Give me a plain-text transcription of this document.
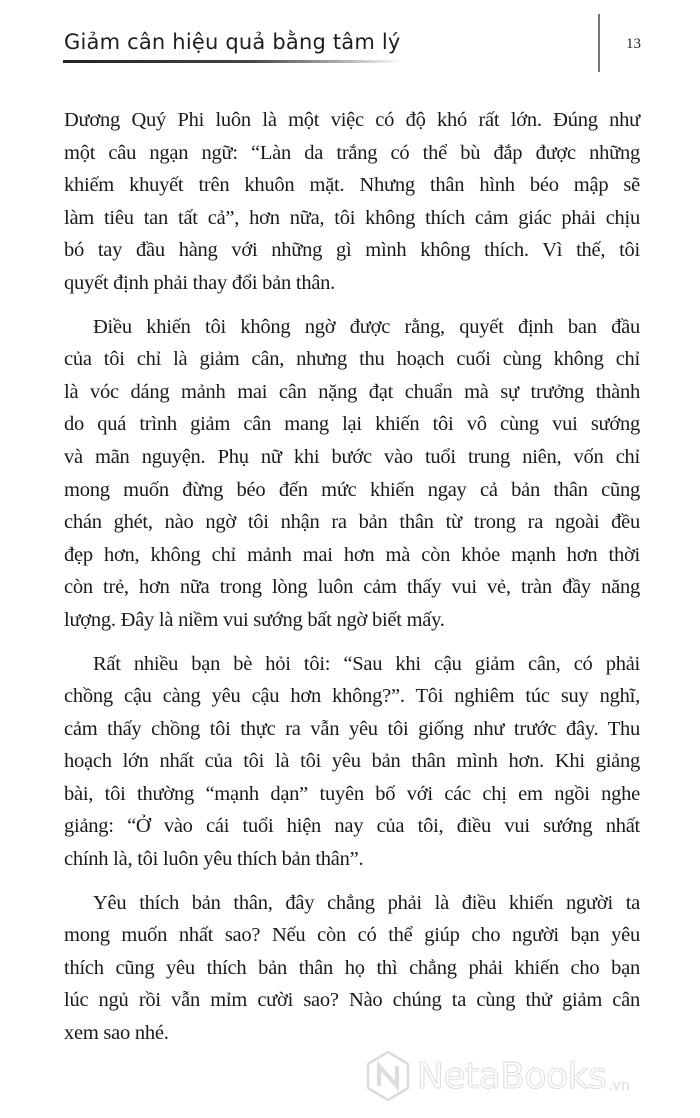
Giảm cân hiệu quả bằng tâm lý	13
Dương Quý Phi luôn là một việc có độ khó rất lớn. Đúng như
một câu ngạn ngữ: “Làn da trắng có thể bù đắp được những
khiếm khuyết trên khuôn mặt. Nhưng thân hình béo mập sẽ
làm tiêu tan tất cả”, hơn nữa, tôi không thích cảm giác phải chịu
bó tay đầu hàng với những gì mình không thích. Vì thế, tôi
quyết định phải thay đổi bản thân.
Điều khiến tôi không ngờ được rằng, quyết định ban đầu
của tôi chỉ là giảm cân, nhưng thu hoạch cuối cùng không chỉ
là vóc dáng mảnh mai cân nặng đạt chuẩn mà sự trưởng thành
do quá trình giảm cân mang lại khiến tôi vô cùng vui sướng
và mãn nguyện. Phụ nữ khi bước vào tuổi trung niên, vốn chỉ
mong muốn đừng béo đến mức khiến ngay cả bản thân cũng
chán ghét, nào ngờ tôi nhận ra bản thân từ trong ra ngoài đều
đẹp hơn, không chỉ mảnh mai hơn mà còn khỏe mạnh hơn thời
còn trẻ, hơn nữa trong lòng luôn cảm thấy vui vẻ, tràn đầy năng
lượng. Đây là niềm vui sướng bất ngờ biết mấy.
Rất nhiều bạn bè hỏi tôi: “Sau khi cậu giảm cân, có phải
chồng cậu càng yêu cậu hơn không?”. Tôi nghiêm túc suy nghĩ,
cảm thấy chồng tôi thực ra vẫn yêu tôi giống như trước đây. Thu
hoạch lớn nhất của tôi là tôi yêu bản thân mình hơn. Khi giảng
bài, tôi thường “mạnh dạn” tuyên bố với các chị em ngồi nghe
giảng: “Ở vào cái tuổi hiện nay của tôi, điều vui sướng nhất
chính là, tôi luôn yêu thích bản thân”.
Yêu thích bản thân, đây chẳng phải là điều khiến người ta
mong muốn nhất sao? Nếu còn có thể giúp cho người bạn yêu
thích cũng yêu thích bản thân họ thì chẳng phải khiến cho bạn
lúc ngủ rồi vẫn mỉm cười sao? Nào chúng ta cùng thử giảm cân
xem sao nhé.
NetaBooks .vn
